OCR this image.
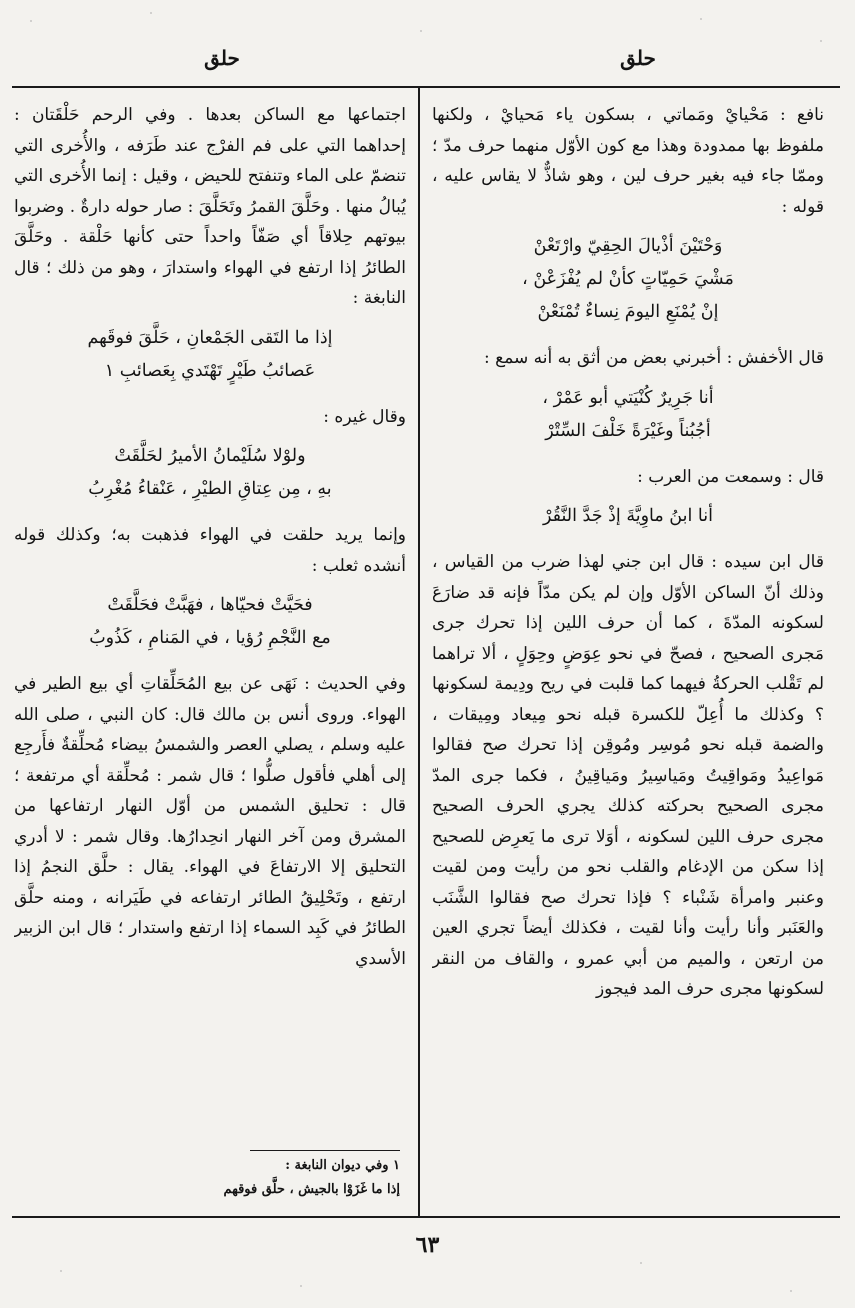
حلق
حلق

نافع : مَحْيايْ ومَماتي ، بسكون ياء مَحيايْ ، ولكنها ملفوظ بها ممدودة وهذا مع كون الأوّل منهما حرف مدّ ؛ وممّا جاء فيه بغير حرف لين ، وهو شاذٌّ لا يقاس عليه ، قوله :

وَحْتَيْنَ أذْيالَ الحِقِيّ وارْتَعْنْ
مَشْيَ حَمِيّاتٍ كأنْ لم يُفْزَعْنْ ،
إنْ يُمْنَعِ اليومَ نِساءٌ تُمْنَعْنْ

قال الأخفش : أخبرني بعض من أثق به أنه سمع :

أنا جَرِيرٌ كُنْيَتي أبو عَمْرْ ،
أجُبُناً وغَيْرَةً خَلْفَ السِّتْرْ

قال : وسمعت من العرب :

أنا ابنُ ماوِيَّةَ إذْ جَدَّ النَّقُرْ

قال ابن سيده : قال ابن جني لهذا ضرب من القياس ، وذلك أنّ الساكن الأوّل وإن لم يكن مدّاً فإنه قد ضارَعَ لسكونه المدّةَ ، كما أن حرف اللين إذا تحرك جرى مَجرى الصحيح ، فصحّ في نحو عِوَضٍ وحِوَلٍ ، ألا تراهما لم تَقْلب الحركةُ فيهما كما قلبت في ريح ودِيمة لسكونها ؟ وكذلك ما أُعِلّ للكسرة قبله نحو مِيعاد ومِيقات ، والضمة قبله نحو مُوسِر ومُوقِن إذا تحرك صح فقالوا مَواعِيدُ ومَواقِيتُ ومَياسِيرُ ومَياقِينُ ، فكما جرى المدّ مجرى الصحيح بحركته كذلك يجري الحرف الصحيح مجرى حرف اللين لسكونه ، أوَلا ترى ما يَعرِض للصحيح إذا سكن من الإدغام والقلب نحو من رأيت ومن لقيت وعنبر وامرأة شَنْباء ؟ فإذا تحرك صح فقالوا الشَّنَب والعَنَبر وأنا رأيت وأنا لقيت ، فكذلك أيضاً تجري العين من ارتعن ، والميم من أبي عمرو ، والقاف من النقر لسكونها مجرى حرف المد فيجوز

اجتماعها مع الساكن بعدها . وفي الرحم حَلْقَتان : إحداهما التي على فم الفرْج عند طَرَفه ، والأُخرى التي تنضمّ على الماء وتنفتح للحيض ، وقيل : إنما الأُخرى التي يُبالُ منها . وحَلَّقَ القمرُ وتَحَلَّقَ : صار حوله دارةٌ . وضربوا بيوتهم حِلاقاً أي صَفّاً واحداً حتى كأنها حَلْقة . وحَلَّقَ الطائرُ إذا ارتفع في الهواء واستدارَ ، وهو من ذلك ؛ قال النابغة :

إذا ما التَقى الجَمْعانِ ، حَلَّقَ فوقَهم
عَصائبُ طَيْرٍ تَهْتَدي بِعَصائبِ ١

وقال غيره :

ولوْلا سُلَيْمانُ الأميرُ لحَلَّقَتْ
بهِ ، مِن عِتاقِ الطيْرِ ، عَنْقاءُ مُغْرِبُ

وإنما يريد حلقت في الهواء فذهبت به؛ وكذلك قوله أنشده ثعلب :

فحَيَّتْ فحيّاها ، فهَبَّتْ فحَلَّقَتْ
مع النَّجْمِ رُؤيا ، في المَنامِ ، كَذُوبُ

وفي الحديث : نَهَى عن بيع المُحَلِّقاتِ أي بيع الطير في الهواء. وروى أنس بن مالك قال: كان النبي ، صلى الله عليه وسلم ، يصلي العصر والشمسُ بيضاء مُحلِّقةٌ فأَرجِع إلى أهلي فأقول صلُّوا ؛ قال شمر : مُحلِّقة أي مرتفعة ؛ قال : تحليق الشمس من أوّل النهار ارتفاعها من المشرق ومن آخر النهار انحِدارُها. وقال شمر : لا أدري التحليق إلا الارتفاعَ في الهواء. يقال : حلَّق النجمُ إذا ارتفع ، وتَحْلِيقُ الطائر ارتفاعه في طَيَرانه ، ومنه حلَّق الطائرُ في كَبِد السماء إذا ارتفع واستدار ؛ قال ابن الزبير الأسدي

١ وفي ديوان النابغة :
إذا ما غَزَوْا بالجيش ، حلَّق فوقهم
٦٣
